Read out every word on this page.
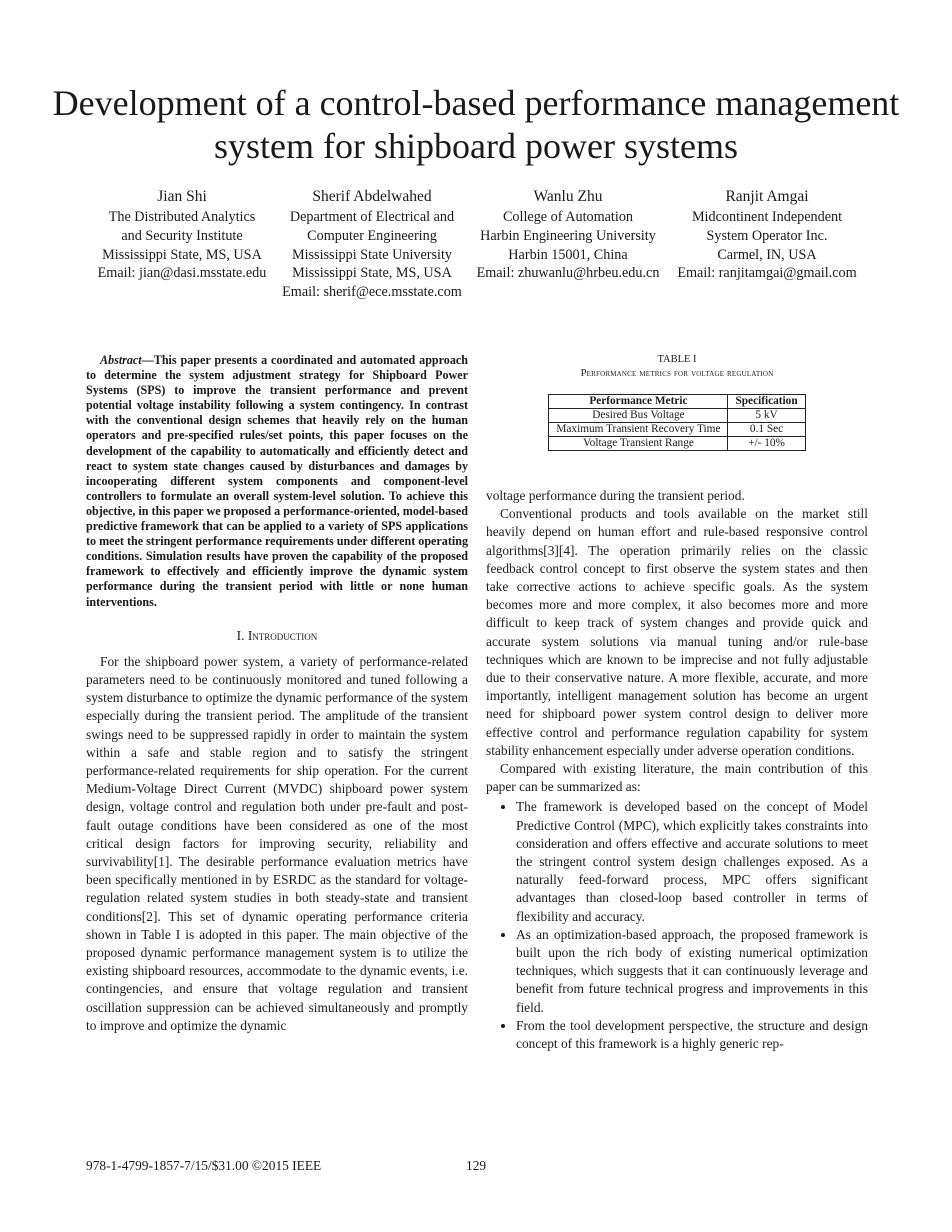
Development of a control-based performance management system for shipboard power systems
Jian Shi
The Distributed Analytics
and Security Institute
Mississippi State, MS, USA
Email: jian@dasi.msstate.edu
Sherif Abdelwahed
Department of Electrical and
Computer Engineering
Mississippi State University
Mississippi State, MS, USA
Email: sherif@ece.msstate.com
Wanlu Zhu
College of Automation
Harbin Engineering University
Harbin 15001, China
Email: zhuwanlu@hrbeu.edu.cn
Ranjit Amgai
Midcontinent Independent
System Operator Inc.
Carmel, IN, USA
Email: ranjitamgai@gmail.com

Abstract—This paper presents a coordinated and automated approach to determine the system adjustment strategy for Shipboard Power Systems (SPS) to improve the transient performance and prevent potential voltage instability following a system contingency. In contrast with the conventional design schemes that heavily rely on the human operators and pre-specified rules/set points, this paper focuses on the development of the capability to automatically and efficiently detect and react to system state changes caused by disturbances and damages by incooperating different system components and component-level controllers to formulate an overall system-level solution. To achieve this objective, in this paper we proposed a performance-oriented, model-based predictive framework that can be applied to a variety of SPS applications to meet the stringent performance requirements under different operating conditions. Simulation results have proven the capability of the proposed framework to effectively and efficiently improve the dynamic system performance during the transient period with little or none human interventions.

I. Introduction

For the shipboard power system, a variety of performance-related parameters need to be continuously monitored and tuned following a system disturbance to optimize the dynamic performance of the system especially during the transient period. The amplitude of the transient swings need to be suppressed rapidly in order to maintain the system within a safe and stable region and to satisfy the stringent performance-related requirements for ship operation. For the current Medium-Voltage Direct Current (MVDC) shipboard power system design, voltage control and regulation both under pre-fault and post-fault outage conditions have been considered as one of the most critical design factors for improving security, reliability and survivability[1]. The desirable performance evaluation metrics have been specifically mentioned in by ESRDC as the standard for voltage-regulation related system studies in both steady-state and transient conditions[2]. This set of dynamic operating performance criteria shown in Table I is adopted in this paper. The main objective of the proposed dynamic performance management system is to utilize the existing shipboard resources, accommodate to the dynamic events, i.e. contingencies, and ensure that voltage regulation and transient oscillation suppression can be achieved simultaneously and promptly to improve and optimize the dynamic

TABLE I
Performance metrics for voltage regulation
Performance Metric	Specification
Desired Bus Voltage	5 kV
Maximum Transient Recovery Time	0.1 Sec
Voltage Transient Range	+/- 10%

voltage performance during the transient period.

Conventional products and tools available on the market still heavily depend on human effort and rule-based responsive control algorithms[3][4]. The operation primarily relies on the classic feedback control concept to first observe the system states and then take corrective actions to achieve specific goals. As the system becomes more and more complex, it also becomes more and more difficult to keep track of system changes and provide quick and accurate system solutions via manual tuning and/or rule-base techniques which are known to be imprecise and not fully adjustable due to their conservative nature. A more flexible, accurate, and more importantly, intelligent management solution has become an urgent need for shipboard power system control design to deliver more effective control and performance regulation capability for system stability enhancement especially under adverse operation conditions.

Compared with existing literature, the main contribution of this paper can be summarized as:

• The framework is developed based on the concept of Model Predictive Control (MPC), which explicitly takes constraints into consideration and offers effective and accurate solutions to meet the stringent control system design challenges exposed. As a naturally feed-forward process, MPC offers significant advantages than closed-loop based controller in terms of flexibility and accuracy.
• As an optimization-based approach, the proposed framework is built upon the rich body of existing numerical optimization techniques, which suggests that it can continuously leverage and benefit from future technical progress and improvements in this field.
• From the tool development perspective, the structure and design concept of this framework is a highly generic rep-
978-1-4799-1857-7/15/$31.00 ©2015 IEEE	129
